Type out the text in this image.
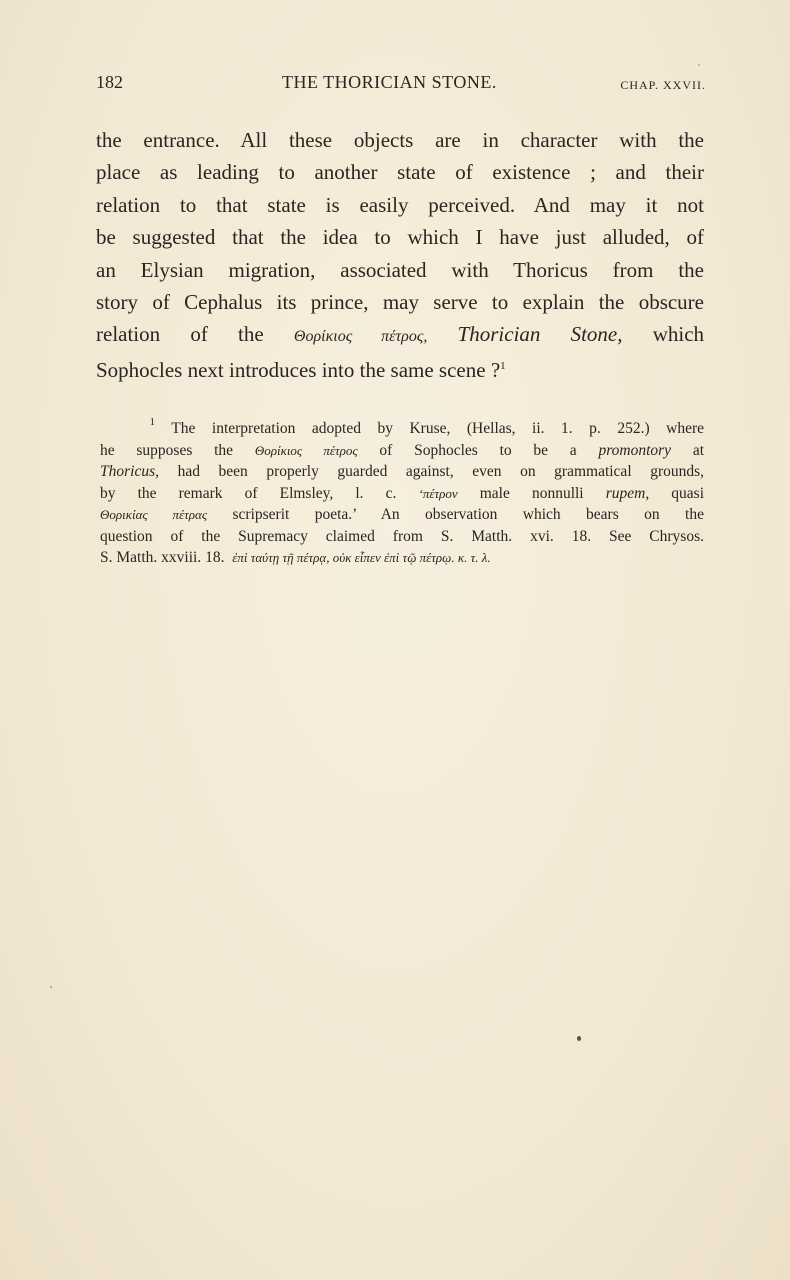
182	THE THORICIAN STONE.	CHAP. XXVII.
the entrance. All these objects are in character with the
place as leading to another state of existence ; and their
relation to that state is easily perceived. And may it not
be suggested that the idea to which I have just alluded, of
an Elysian migration, associated with Thoricus from the
story of Cephalus its prince, may serve to explain the obscure
relation of the Θορίκιος πέτρος, Thorician Stone, which
Sophocles next introduces into the same scene ?$^1$
$^1$ The interpretation adopted by Kruse, (Hellas, ii. 1. p. 252.) where
he supposes the Θορίκιος πέτρος of Sophocles to be a promontory at
Thoricus, had been properly guarded against, even on grammatical grounds,
by the remark of Elmsley, l. c. ‘πέτρον male nonnulli rupem, quasi
Θορικίας πέτρας scripserit poeta.’ An observation which bears on the
question of the Supremacy claimed from S. Matth. xvi. 18. See Chrysos.
S. Matth. xxviii. 18. ἐπὶ ταύτῃ τῇ πέτρᾳ, οὐκ εἶπεν ἐπὶ τῷ πέτρῳ. κ. τ. λ.
